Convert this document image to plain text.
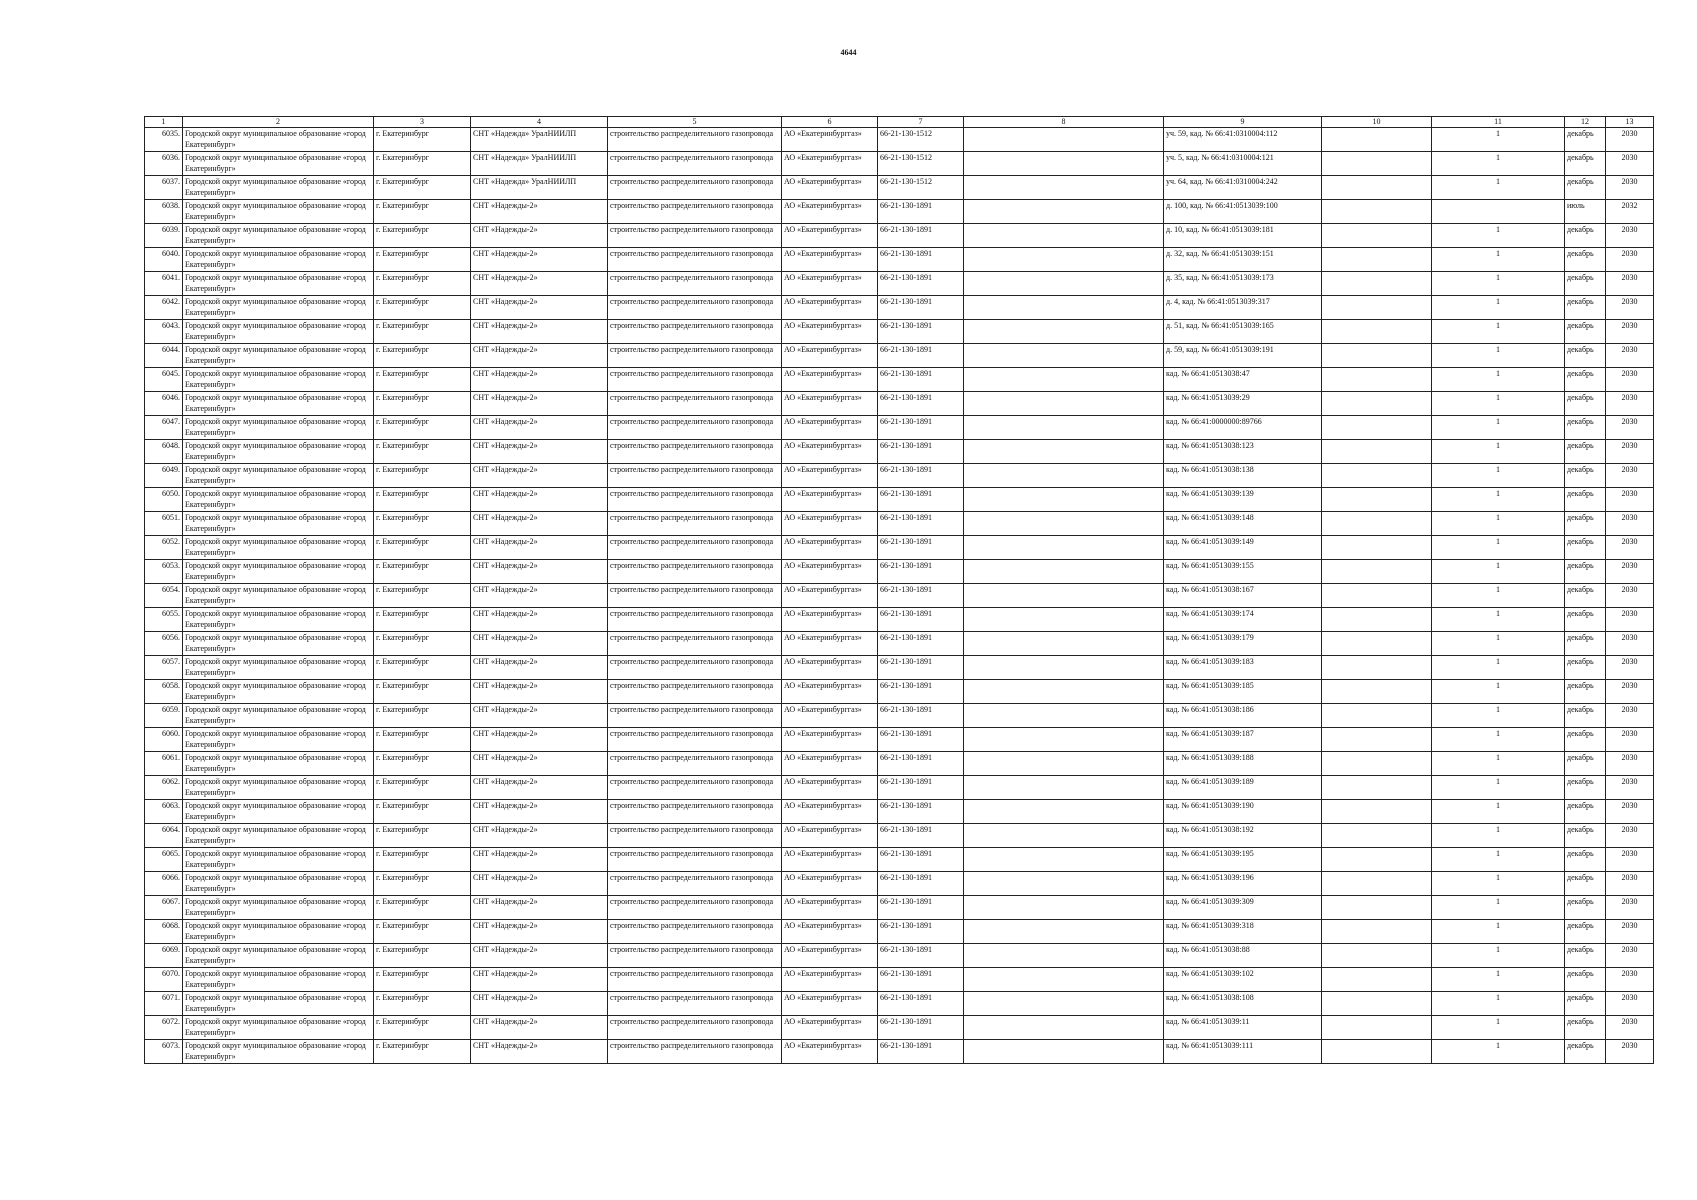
4644
1	2	3	4	5	6	7	8	9	10	11	12	13
6035.	Городской округ муниципальное образование «город Екатеринбург»	г. Екатеринбург	СНТ «Надежда» УралНИИЛП	строительство распределительного газопровода	АО «Екатеринбурггаз»	66-21-130-1512		уч. 59, кад. № 66:41:0310004:112		1	декабрь	2030
6036.	Городской округ муниципальное образование «город Екатеринбург»	г. Екатеринбург	СНТ «Надежда» УралНИИЛП	строительство распределительного газопровода	АО «Екатеринбурггаз»	66-21-130-1512		уч. 5, кад. № 66:41:0310004:121		1	декабрь	2030
6037.	Городской округ муниципальное образование «город Екатеринбург»	г. Екатеринбург	СНТ «Надежда» УралНИИЛП	строительство распределительного газопровода	АО «Екатеринбурггаз»	66-21-130-1512		уч. 64, кад. № 66:41:0310004:242		1	декабрь	2030
6038.	Городской округ муниципальное образование «город Екатеринбург»	г. Екатеринбург	СНТ «Надежды-2»	строительство распределительного газопровода	АО «Екатеринбурггаз»	66-21-130-1891		д. 100, кад. № 66:41:0513039:100			июль	2032
6039.	Городской округ муниципальное образование «город Екатеринбург»	г. Екатеринбург	СНТ «Надежды-2»	строительство распределительного газопровода	АО «Екатеринбурггаз»	66-21-130-1891		д. 10, кад. № 66:41:0513039:181		1	декабрь	2030
6040.	Городской округ муниципальное образование «город Екатеринбург»	г. Екатеринбург	СНТ «Надежды-2»	строительство распределительного газопровода	АО «Екатеринбурггаз»	66-21-130-1891		д. 32, кад. № 66:41:0513039:151		1	декабрь	2030
6041.	Городской округ муниципальное образование «город Екатеринбург»	г. Екатеринбург	СНТ «Надежды-2»	строительство распределительного газопровода	АО «Екатеринбурггаз»	66-21-130-1891		д. 35, кад. № 66:41:0513039:173		1	декабрь	2030
6042.	Городской округ муниципальное образование «город Екатеринбург»	г. Екатеринбург	СНТ «Надежды-2»	строительство распределительного газопровода	АО «Екатеринбурггаз»	66-21-130-1891		д. 4, кад. № 66:41:0513039:317		1	декабрь	2030
6043.	Городской округ муниципальное образование «город Екатеринбург»	г. Екатеринбург	СНТ «Надежды-2»	строительство распределительного газопровода	АО «Екатеринбурггаз»	66-21-130-1891		д. 51, кад. № 66:41:0513039:165		1	декабрь	2030
6044.	Городской округ муниципальное образование «город Екатеринбург»	г. Екатеринбург	СНТ «Надежды-2»	строительство распределительного газопровода	АО «Екатеринбурггаз»	66-21-130-1891		д. 59, кад. № 66:41:0513039:191		1	декабрь	2030
6045.	Городской округ муниципальное образование «город Екатеринбург»	г. Екатеринбург	СНТ «Надежды-2»	строительство распределительного газопровода	АО «Екатеринбурггаз»	66-21-130-1891		кад. № 66:41:0513038:47		1	декабрь	2030
6046.	Городской округ муниципальное образование «город Екатеринбург»	г. Екатеринбург	СНТ «Надежды-2»	строительство распределительного газопровода	АО «Екатеринбурггаз»	66-21-130-1891		кад. № 66:41:0513039:29		1	декабрь	2030
6047.	Городской округ муниципальное образование «город Екатеринбург»	г. Екатеринбург	СНТ «Надежды-2»	строительство распределительного газопровода	АО «Екатеринбурггаз»	66-21-130-1891		кад. № 66:41:0000000:89766		1	декабрь	2030
6048.	Городской округ муниципальное образование «город Екатеринбург»	г. Екатеринбург	СНТ «Надежды-2»	строительство распределительного газопровода	АО «Екатеринбурггаз»	66-21-130-1891		кад. № 66:41:0513038:123		1	декабрь	2030
6049.	Городской округ муниципальное образование «город Екатеринбург»	г. Екатеринбург	СНТ «Надежды-2»	строительство распределительного газопровода	АО «Екатеринбурггаз»	66-21-130-1891		кад. № 66:41:0513038:138		1	декабрь	2030
6050.	Городской округ муниципальное образование «город Екатеринбург»	г. Екатеринбург	СНТ «Надежды-2»	строительство распределительного газопровода	АО «Екатеринбурггаз»	66-21-130-1891		кад. № 66:41:0513039:139		1	декабрь	2030
6051.	Городской округ муниципальное образование «город Екатеринбург»	г. Екатеринбург	СНТ «Надежды-2»	строительство распределительного газопровода	АО «Екатеринбурггаз»	66-21-130-1891		кад. № 66:41:0513039:148		1	декабрь	2030
6052.	Городской округ муниципальное образование «город Екатеринбург»	г. Екатеринбург	СНТ «Надежды-2»	строительство распределительного газопровода	АО «Екатеринбурггаз»	66-21-130-1891		кад. № 66:41:0513039:149		1	декабрь	2030
6053.	Городской округ муниципальное образование «город Екатеринбург»	г. Екатеринбург	СНТ «Надежды-2»	строительство распределительного газопровода	АО «Екатеринбурггаз»	66-21-130-1891		кад. № 66:41:0513039:155		1	декабрь	2030
6054.	Городской округ муниципальное образование «город Екатеринбург»	г. Екатеринбург	СНТ «Надежды-2»	строительство распределительного газопровода	АО «Екатеринбурггаз»	66-21-130-1891		кад. № 66:41:0513038:167		1	декабрь	2030
6055.	Городской округ муниципальное образование «город Екатеринбург»	г. Екатеринбург	СНТ «Надежды-2»	строительство распределительного газопровода	АО «Екатеринбурггаз»	66-21-130-1891		кад. № 66:41:0513039:174		1	декабрь	2030
6056.	Городской округ муниципальное образование «город Екатеринбург»	г. Екатеринбург	СНТ «Надежды-2»	строительство распределительного газопровода	АО «Екатеринбурггаз»	66-21-130-1891		кад. № 66:41:0513039:179		1	декабрь	2030
6057.	Городской округ муниципальное образование «город Екатеринбург»	г. Екатеринбург	СНТ «Надежды-2»	строительство распределительного газопровода	АО «Екатеринбурггаз»	66-21-130-1891		кад. № 66:41:0513039:183		1	декабрь	2030
6058.	Городской округ муниципальное образование «город Екатеринбург»	г. Екатеринбург	СНТ «Надежды-2»	строительство распределительного газопровода	АО «Екатеринбурггаз»	66-21-130-1891		кад. № 66:41:0513039:185		1	декабрь	2030
6059.	Городской округ муниципальное образование «город Екатеринбург»	г. Екатеринбург	СНТ «Надежды-2»	строительство распределительного газопровода	АО «Екатеринбурггаз»	66-21-130-1891		кад. № 66:41:0513038:186		1	декабрь	2030
6060.	Городской округ муниципальное образование «город Екатеринбург»	г. Екатеринбург	СНТ «Надежды-2»	строительство распределительного газопровода	АО «Екатеринбурггаз»	66-21-130-1891		кад. № 66:41:0513039:187		1	декабрь	2030
6061.	Городской округ муниципальное образование «город Екатеринбург»	г. Екатеринбург	СНТ «Надежды-2»	строительство распределительного газопровода	АО «Екатеринбурггаз»	66-21-130-1891		кад. № 66:41:0513039:188		1	декабрь	2030
6062.	Городской округ муниципальное образование «город Екатеринбург»	г. Екатеринбург	СНТ «Надежды-2»	строительство распределительного газопровода	АО «Екатеринбурггаз»	66-21-130-1891		кад. № 66:41:0513039:189		1	декабрь	2030
6063.	Городской округ муниципальное образование «город Екатеринбург»	г. Екатеринбург	СНТ «Надежды-2»	строительство распределительного газопровода	АО «Екатеринбурггаз»	66-21-130-1891		кад. № 66:41:0513039:190		1	декабрь	2030
6064.	Городской округ муниципальное образование «город Екатеринбург»	г. Екатеринбург	СНТ «Надежды-2»	строительство распределительного газопровода	АО «Екатеринбурггаз»	66-21-130-1891		кад. № 66:41:0513038:192		1	декабрь	2030
6065.	Городской округ муниципальное образование «город Екатеринбург»	г. Екатеринбург	СНТ «Надежды-2»	строительство распределительного газопровода	АО «Екатеринбурггаз»	66-21-130-1891		кад. № 66:41:0513039:195		1	декабрь	2030
6066.	Городской округ муниципальное образование «город Екатеринбург»	г. Екатеринбург	СНТ «Надежды-2»	строительство распределительного газопровода	АО «Екатеринбурггаз»	66-21-130-1891		кад. № 66:41:0513039:196		1	декабрь	2030
6067.	Городской округ муниципальное образование «город Екатеринбург»	г. Екатеринбург	СНТ «Надежды-2»	строительство распределительного газопровода	АО «Екатеринбурггаз»	66-21-130-1891		кад. № 66:41:0513039:309		1	декабрь	2030
6068.	Городской округ муниципальное образование «город Екатеринбург»	г. Екатеринбург	СНТ «Надежды-2»	строительство распределительного газопровода	АО «Екатеринбурггаз»	66-21-130-1891		кад. № 66:41:0513039:318		1	декабрь	2030
6069.	Городской округ муниципальное образование «город Екатеринбург»	г. Екатеринбург	СНТ «Надежды-2»	строительство распределительного газопровода	АО «Екатеринбурггаз»	66-21-130-1891		кад. № 66:41:0513038:88		1	декабрь	2030
6070.	Городской округ муниципальное образование «город Екатеринбург»	г. Екатеринбург	СНТ «Надежды-2»	строительство распределительного газопровода	АО «Екатеринбурггаз»	66-21-130-1891		кад. № 66:41:0513039:102		1	декабрь	2030
6071.	Городской округ муниципальное образование «город Екатеринбург»	г. Екатеринбург	СНТ «Надежды-2»	строительство распределительного газопровода	АО «Екатеринбурггаз»	66-21-130-1891		кад. № 66:41:0513038:108		1	декабрь	2030
6072.	Городской округ муниципальное образование «город Екатеринбург»	г. Екатеринбург	СНТ «Надежды-2»	строительство распределительного газопровода	АО «Екатеринбурггаз»	66-21-130-1891		кад. № 66:41:0513039:11		1	декабрь	2030
6073.	Городской округ муниципальное образование «город Екатеринбург»	г. Екатеринбург	СНТ «Надежды-2»	строительство распределительного газопровода	АО «Екатеринбурггаз»	66-21-130-1891		кад. № 66:41:0513039:111		1	декабрь	2030
